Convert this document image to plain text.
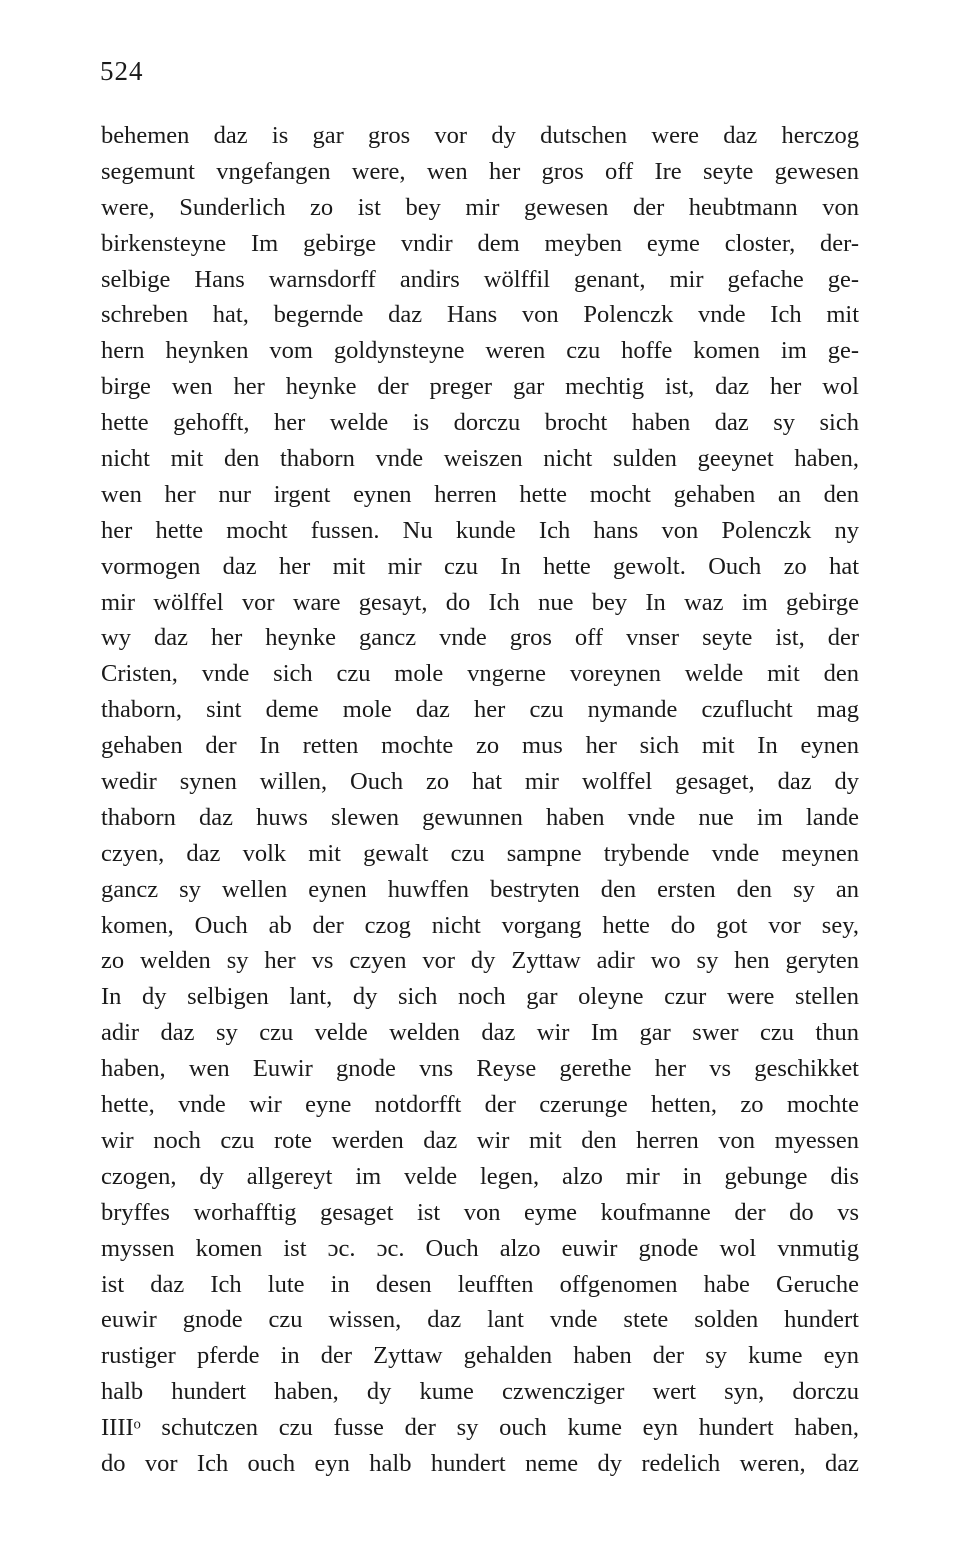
524
behemen daz is gar gros vor dy dutschen were daz herczog
segemunt vngefangen were, wen her gros off Ire seyte gewesen
were, Sunderlich zo ist bey mir gewesen der heubtmann von
birkensteyne Im gebirge vndir dem meyben eyme closter, der-
selbige Hans warnsdorff andirs wölffil genant, mir gefache ge-
schreben hat, begernde daz Hans von Polenczk vnde Ich mit
hern heynken vom goldynsteyne weren czu hoffe komen im ge-
birge wen her heynke der preger gar mechtig ist, daz her wol
hette gehofft, her welde is dorczu brocht haben daz sy sich
nicht mit den thaborn vnde weiszen nicht sulden geeynet haben,
wen her nur irgent eynen herren hette mocht gehaben an den
her hette mocht fussen. Nu kunde Ich hans von Polenczk ny
vormogen daz her mit mir czu In hette gewolt. Ouch zo hat
mir wölffel vor ware gesayt, do Ich nue bey In waz im gebirge
wy daz her heynke gancz vnde gros off vnser seyte ist, der
Cristen, vnde sich czu mole vngerne voreynen welde mit den
thaborn, sint deme mole daz her czu nymande czuflucht mag
gehaben der In retten mochte zo mus her sich mit In eynen
wedir synen willen, Ouch zo hat mir wolffel gesaget, daz dy
thaborn daz huws slewen gewunnen haben vnde nue im lande
czyen, daz volk mit gewalt czu sampne trybende vnde meynen
gancz sy wellen eynen huwffen bestryten den ersten den sy an
komen, Ouch ab der czog nicht vorgang hette do got vor sey,
zo welden sy her vs czyen vor dy Zyttaw adir wo sy hen geryten
In dy selbigen lant, dy sich noch gar oleyne czur were stellen
adir daz sy czu velde welden daz wir Im gar swer czu thun
haben, wen Euwir gnode vns Reyse gerethe her vs geschikket
hette, vnde wir eyne notdorfft der czerunge hetten, zo mochte
wir noch czu rote werden daz wir mit den herren von myessen
czogen, dy allgereyt im velde legen, alzo mir in gebunge dis
bryffes worhafftig gesaget ist von eyme koufmanne der do vs
myssen komen ist ɔc. ɔc. Ouch alzo euwir gnode wol vnmutig
ist daz Ich lute in desen leufften offgenomen habe Geruche
euwir gnode czu wissen, daz lant vnde stete solden hundert
rustiger pferde in der Zyttaw gehalden haben der sy kume eyn
halb hundert haben, dy kume czwencziger wert syn, dorczu
IIIIᵒ schutczen czu fusse der sy ouch kume eyn hundert haben,
do vor Ich ouch eyn halb hundert neme dy redelich weren, daz
